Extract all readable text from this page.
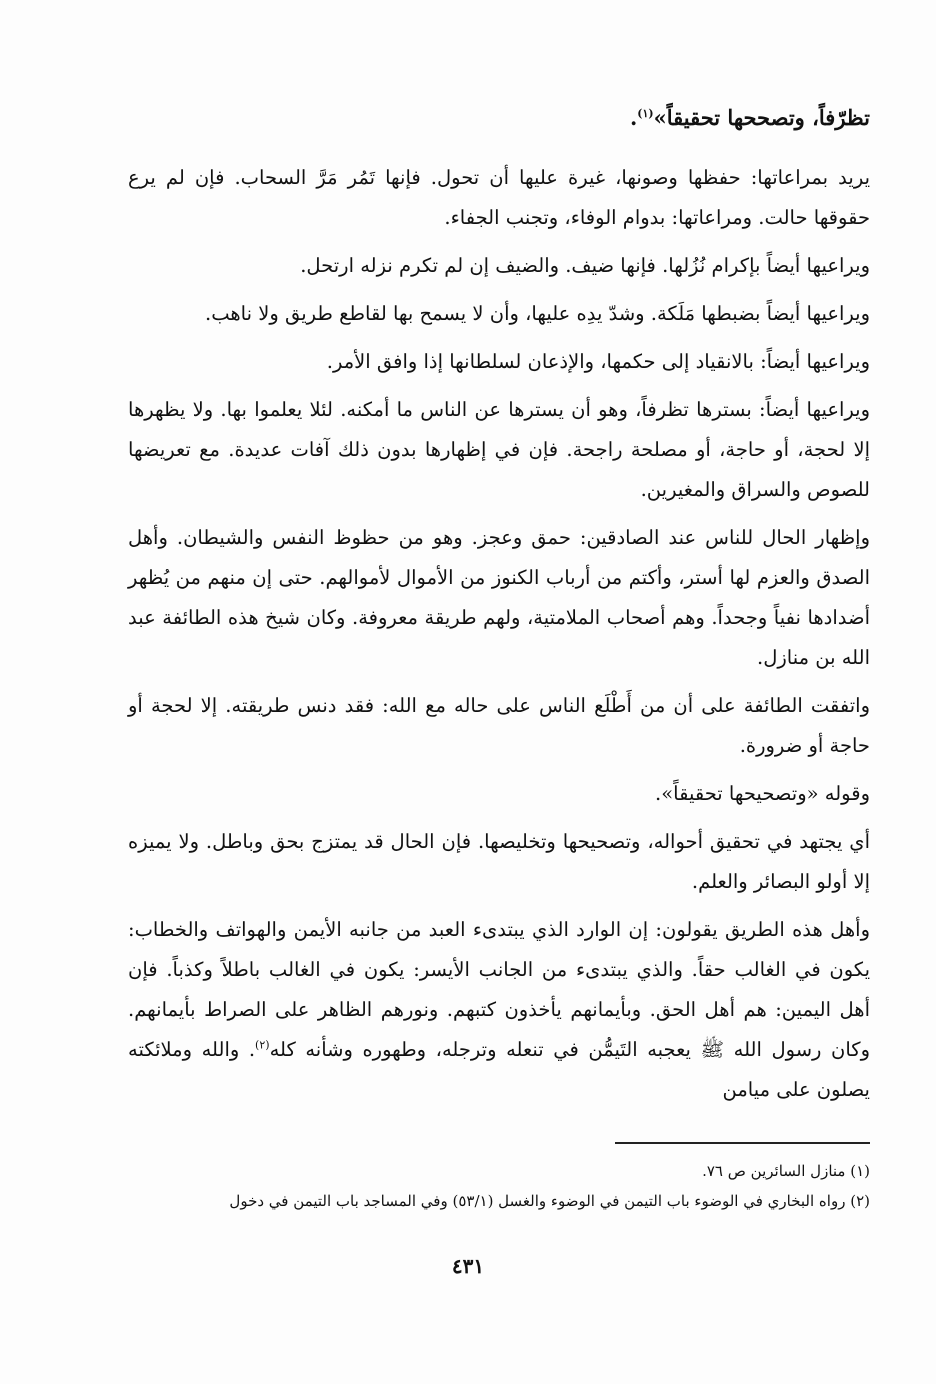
تظرّفاً، وتصححها تحقيقاً»$^{(١)}$.

يريد بمراعاتها: حفظها وصونها، غيرة عليها أن تحول. فإنها تَمُر مَرَّ السحاب. فإن لم يرع حقوقها حالت. ومراعاتها: بدوام الوفاء، وتجنب الجفاء.

ويراعيها أيضاً بإكرام نُزُلها. فإنها ضيف. والضيف إن لم تكرم نزله ارتحل.

ويراعيها أيضاً بضبطها مَلَكة. وشدّ يدِه عليها، وأن لا يسمح بها لقاطع طريق ولا ناهب.

ويراعيها أيضاً: بالانقياد إلى حكمها، والإذعان لسلطانها إذا وافق الأمر.

ويراعيها أيضاً: بسترها تظرفاً، وهو أن يسترها عن الناس ما أمكنه. لئلا يعلموا بها. ولا يظهرها إلا لحجة، أو حاجة، أو مصلحة راجحة. فإن في إظهارها بدون ذلك آفات عديدة. مع تعريضها للصوص والسراق والمغيرين.

وإظهار الحال للناس عند الصادقين: حمق وعجز. وهو من حظوظ النفس والشيطان. وأهل الصدق والعزم لها أستر، وأكتم من أرباب الكنوز من الأموال لأموالهم. حتى إن منهم من يُظهر أضدادها نفياً وجحداً. وهم أصحاب الملامتية، ولهم طريقة معروفة. وكان شيخ هذه الطائفة عبد الله بن منازل.

واتفقت الطائفة على أن من أَطْلَع الناس على حاله مع الله: فقد دنس طريقته. إلا لحجة أو حاجة أو ضرورة.

وقوله «وتصحيحها تحقيقاً».

أي يجتهد في تحقيق أحواله، وتصحيحها وتخليصها. فإن الحال قد يمتزج بحق وباطل. ولا يميزه إلا أولو البصائر والعلم.

وأهل هذه الطريق يقولون: إن الوارد الذي يبتدىء العبد من جانبه الأيمن والهواتف والخطاب: يكون في الغالب حقاً. والذي يبتدىء من الجانب الأيسر: يكون في الغالب باطلاً وكذباً. فإن أهل اليمين: هم أهل الحق. وبأيمانهم يأخذون كتبهم. ونورهم الظاهر على الصراط بأيمانهم. وكان رسول الله ﷺ يعجبه التَيمُّن في تنعله وترجله، وطهوره وشأنه كله$^{(٢)}$. والله وملائكته يصلون على ميامن

(١) منازل السائرين ص ٧٦.

(٢) رواه البخاري في الوضوء باب التيمن في الوضوء والغسل (٥٣/١) وفي المساجد باب التيمن في دخول

٤٣١
